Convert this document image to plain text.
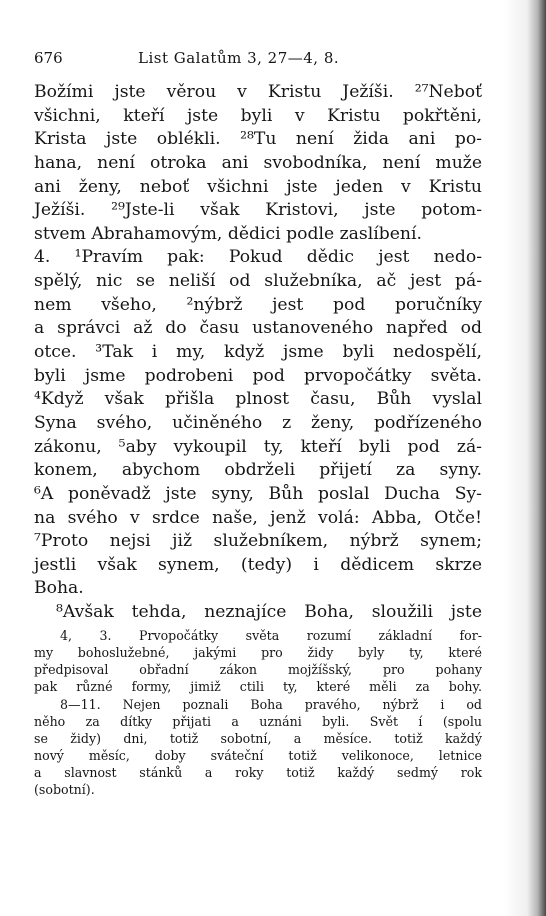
676	List Galatům 3, 27—4, 8.
Božími jste věrou v Kristu Ježíši. ²⁷Neboť
všichni, kteří jste byli v Kristu pokřtěni,
Krista jste oblékli. ²⁸Tu není žida ani po-
hana, není otroka ani svobodníka, není muže
ani ženy, neboť všichni jste jeden v Kristu
Ježíši. ²⁹Jste-li však Kristovi, jste potom-
stvem Abrahamovým, dědici podle zaslíbení.
4. ¹Pravím pak: Pokud dědic jest nedo-
spělý, nic se neliší od služebníka, ač jest pá-
nem všeho, ²nýbrž jest pod poručníky
a správci až do času ustanoveného napřed od
otce. ³Tak i my, když jsme byli nedospělí,
byli jsme podrobeni pod prvopočátky světa.
⁴Když však přišla plnost času, Bůh vyslal
Syna svého, učiněného z ženy, podřízeného
zákonu, ⁵aby vykoupil ty, kteří byli pod zá-
konem, abychom obdrželi přijetí za syny.
⁶A poněvadž jste syny, Bůh poslal Ducha Sy-
na svého v srdce naše, jenž volá: Abba, Otče!
⁷Proto nejsi již služebníkem, nýbrž synem;
jestli však synem, (tedy) i dědicem skrze
Boha.
⁸Avšak tehda, neznajíce Boha, sloužili jste
4, 3. Prvopočátky světa rozumí základní for-
my bohoslužebné, jakými pro židy byly ty, které
předpisoval obřadní zákon mojžíšský, pro pohany
pak různé formy, jimiž ctili ty, které měli za bohy.
8—11. Nejen poznali Boha pravého, nýbrž i od
něho za dítky přijati a uznáni byli. Svět í (spolu
se židy) dni, totiž sobotní, a měsíce. totiž každý
nový měsíc, doby sváteční totiž velikonoce, letnice
a slavnost stánků a roky totiž každý sedmý rok
(sobotní).
